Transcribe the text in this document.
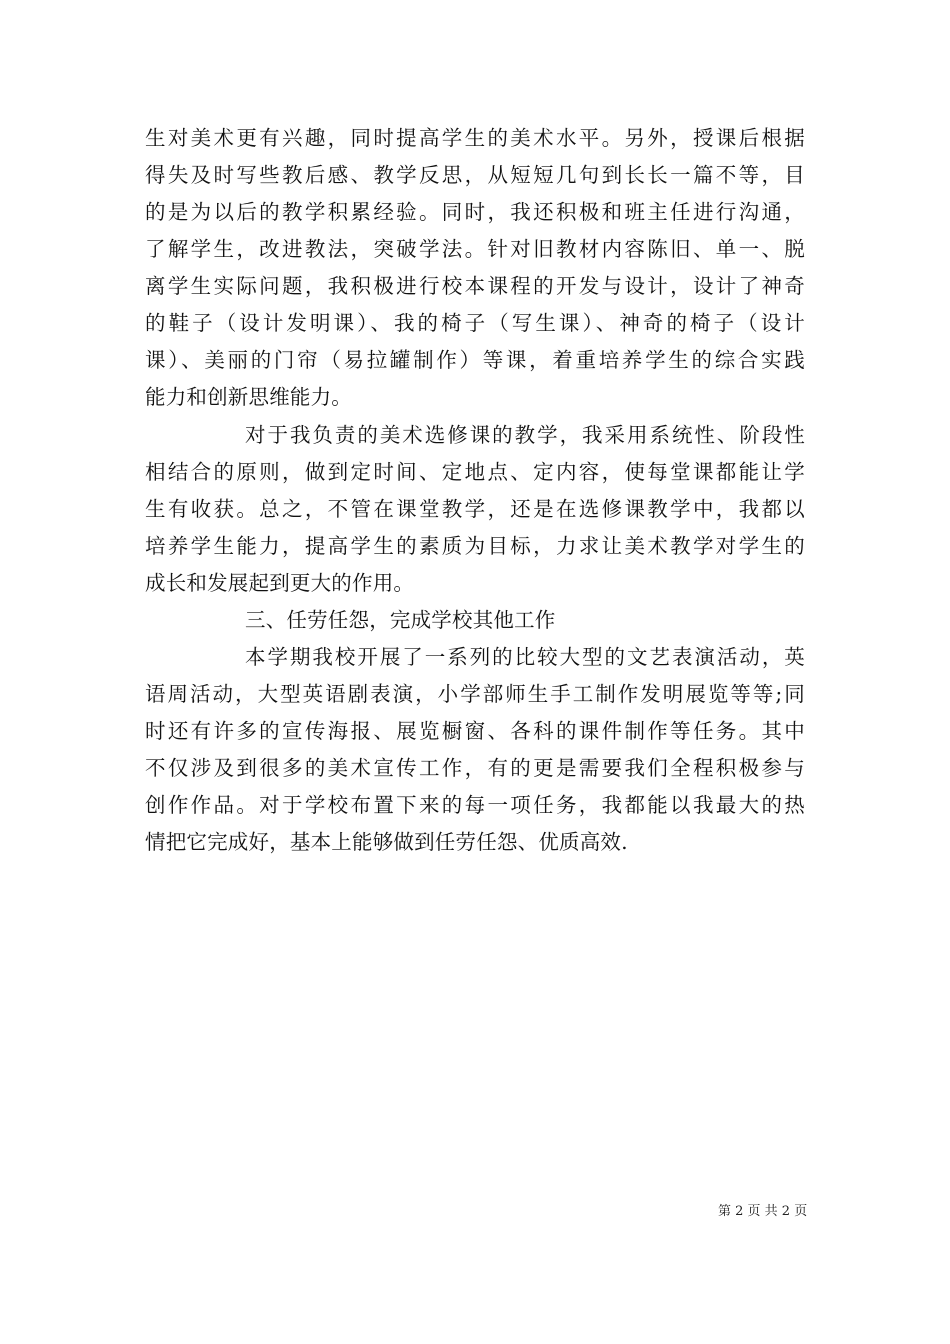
生对美术更有兴趣，同时提高学生的美术水平。另外，授课后根据
得失及时写些教后感、教学反思，从短短几句到长长一篇不等，目
的是为以后的教学积累经验。同时，我还积极和班主任进行沟通，
了解学生，改进教法，突破学法。针对旧教材内容陈旧、单一、脱
离学生实际问题，我积极进行校本课程的开发与设计，设计了神奇
的鞋子（设计发明课）、我的椅子（写生课）、神奇的椅子（设计
课）、美丽的门帘（易拉罐制作）等课，着重培养学生的综合实践
能力和创新思维能力。
对于我负责的美术选修课的教学，我采用系统性、阶段性
相结合的原则，做到定时间、定地点、定内容，使每堂课都能让学
生有收获。总之，不管在课堂教学，还是在选修课教学中，我都以
培养学生能力，提高学生的素质为目标，力求让美术教学对学生的
成长和发展起到更大的作用。
三、任劳任怨，完成学校其他工作
本学期我校开展了一系列的比较大型的文艺表演活动，英
语周活动，大型英语剧表演，小学部师生手工制作发明展览等等;同
时还有许多的宣传海报、展览橱窗、各科的课件制作等任务。其中
不仅涉及到很多的美术宣传工作，有的更是需要我们全程积极参与
创作作品。对于学校布置下来的每一项任务，我都能以我最大的热
情把它完成好，基本上能够做到任劳任怨、优质高效.
第 2 页 共 2 页
